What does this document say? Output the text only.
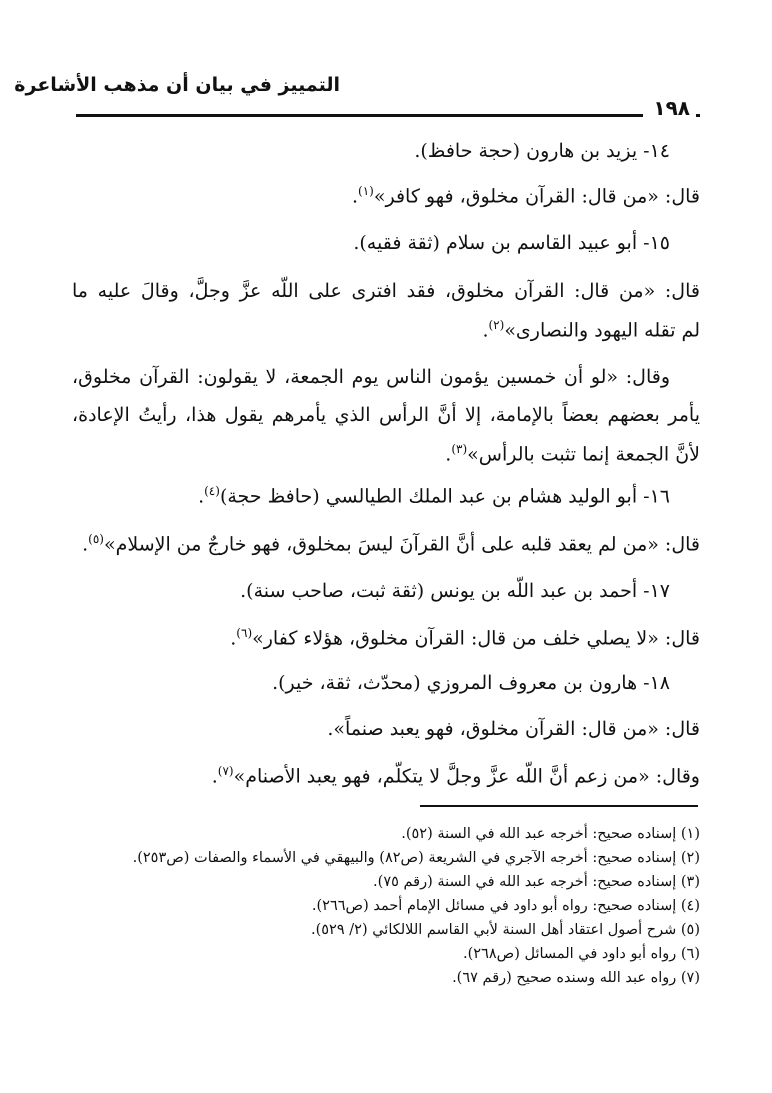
التمييز في بيان أن مذهب الأشاعرة
١٩٨
١٤- يزيد بن هارون (حجة حافظ).
قال: «من قال: القرآن مخلوق، فهو كافر»$^{(١)}$.
١٥- أبو عبيد القاسم بن سلام (ثقة فقيه).
قال: «من قال: القرآن مخلوق، فقد افترى على اللّه عزَّ وجلَّ، وقالَ عليه ما
لم تقله اليهود والنصارى»$^{(٢)}$.
وقال: «لو أن خمسين يؤمون الناس يوم الجمعة، لا يقولون: القرآن مخلوق،
يأمر بعضهم بعضاً بالإمامة، إلا أنَّ الرأس الذي يأمرهم يقول هذا، رأيتُ الإعادة،
لأنَّ الجمعة إنما تثبت بالرأس»$^{(٣)}$.
١٦- أبو الوليد هشام بن عبد الملك الطيالسي (حافظ حجة)$^{(٤)}$.
قال: «من لم يعقد قلبه على أنَّ القرآنَ ليسَ بمخلوق، فهو خارجٌ من الإسلام»$^{(٥)}$.
١٧- أحمد بن عبد اللّه بن يونس (ثقة ثبت، صاحب سنة).
قال: «لا يصلي خلف من قال: القرآن مخلوق، هؤلاء كفار»$^{(٦)}$.
١٨- هارون بن معروف المروزي (محدّث، ثقة، خير).
قال: «من قال: القرآن مخلوق، فهو يعبد صنماً».
وقال: «من زعم أنَّ اللّه عزَّ وجلَّ لا يتكلّم، فهو يعبد الأصنام»$^{(٧)}$.
(١) إسناده صحيح: أخرجه عبد الله في السنة (٥٢).
(٢) إسناده صحيح: أخرجه الآجري في الشريعة (ص٨٢) والبيهقي في الأسماء والصفات (ص٢٥٣).
(٣) إسناده صحيح: أخرجه عبد الله في السنة (رقم ٧٥).
(٤) إسناده صحيح: رواه أبو داود في مسائل الإمام أحمد (ص٢٦٦).
(٥) شرح أصول اعتقاد أهل السنة لأبي القاسم اللالكائي (٢/ ٥٢٩).
(٦) رواه أبو داود في المسائل (ص٢٦٨).
(٧) رواه عبد الله وسنده صحيح (رقم ٦٧).
